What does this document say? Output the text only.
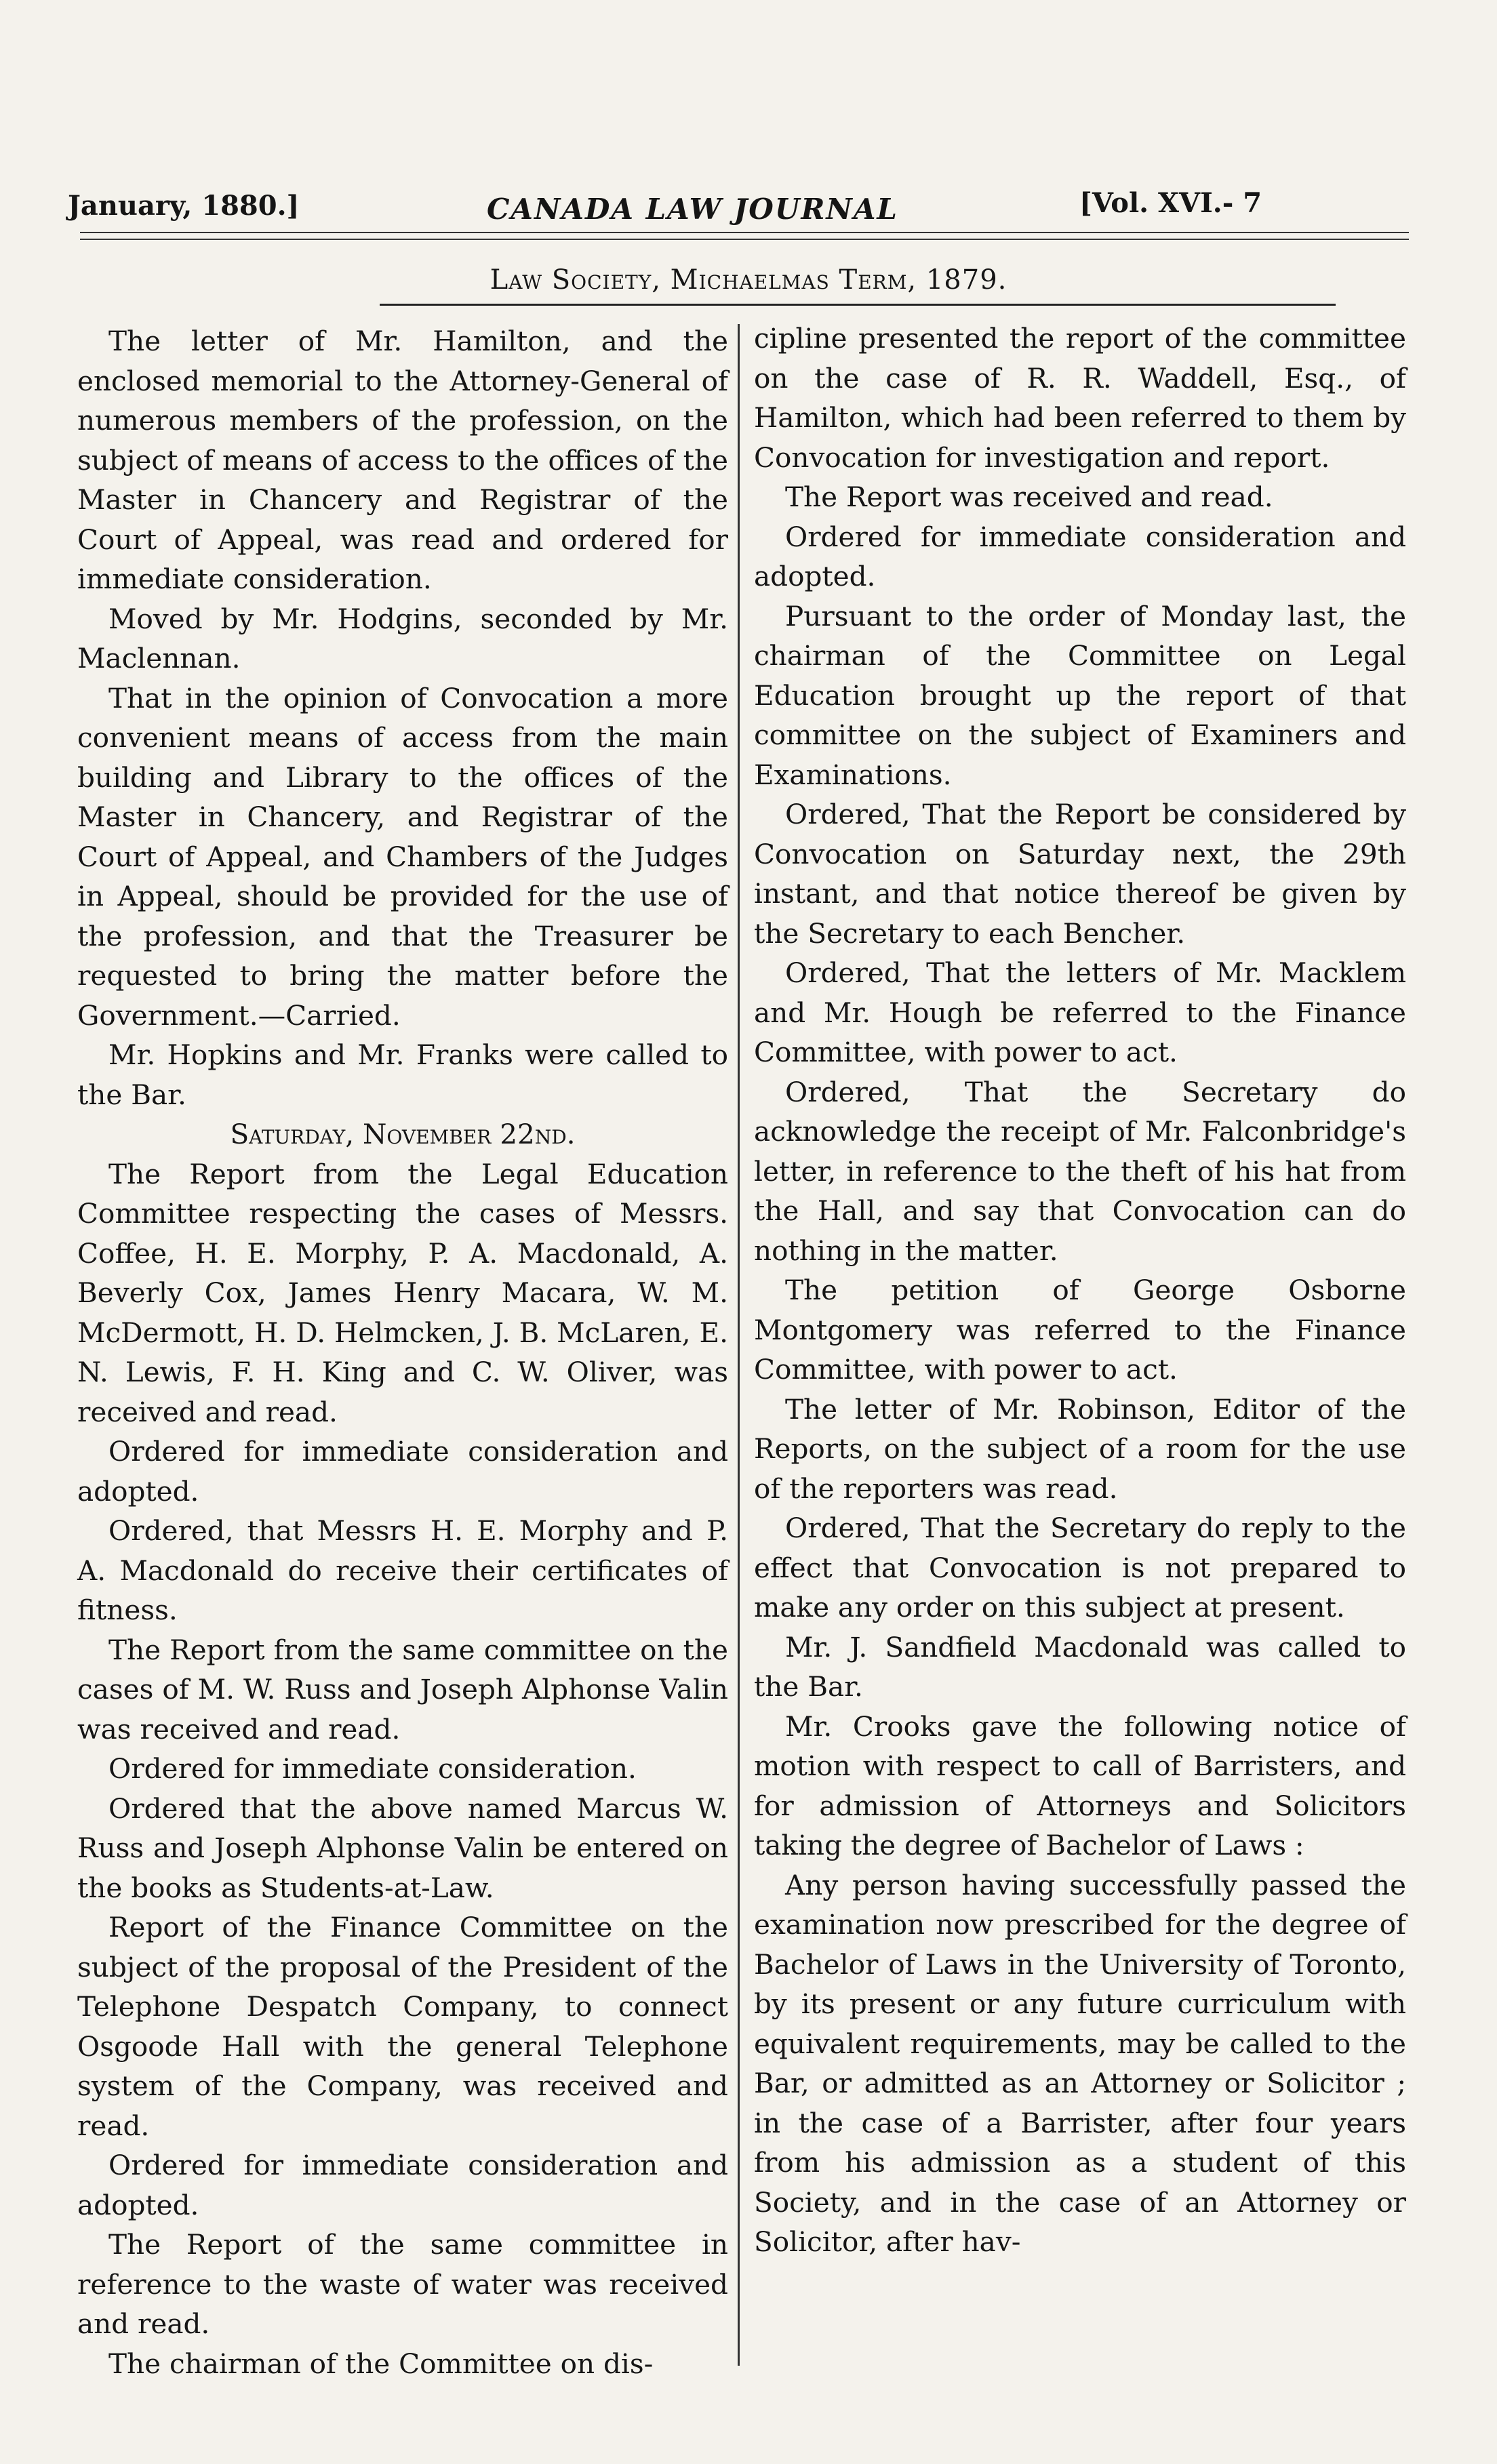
January, 1880.]	CANADA LAW JOURNAL	[Vol. XVI.- 7
Law Society, Michaelmas Term, 1879.

The letter of Mr. Hamilton, and the enclosed memorial to the Attorney-General of numerous members of the profession, on the subject of means of access to the offices of the Master in Chancery and Registrar of the Court of Appeal, was read and ordered for immediate consideration.

Moved by Mr. Hodgins, seconded by Mr. Maclennan.

That in the opinion of Convocation a more convenient means of access from the main building and Library to the offices of the Master in Chancery, and Registrar of the Court of Appeal, and Chambers of the Judges in Appeal, should be provided for the use of the profession, and that the Treasurer be requested to bring the matter before the Government.—Carried.

Mr. Hopkins and Mr. Franks were called to the Bar.

Saturday, November 22nd.

The Report from the Legal Education Committee respecting the cases of Messrs. Coffee, H. E. Morphy, P. A. Macdonald, A. Beverly Cox, James Henry Macara, W. M. McDermott, H. D. Helmcken, J. B. McLaren, E. N. Lewis, F. H. King and C. W. Oliver, was received and read.

Ordered for immediate consideration and adopted.

Ordered, that Messrs H. E. Morphy and P. A. Macdonald do receive their certificates of fitness.

The Report from the same committee on the cases of M. W. Russ and Joseph Alphonse Valin was received and read.

Ordered for immediate consideration.

Ordered that the above named Marcus W. Russ and Joseph Alphonse Valin be entered on the books as Students-at-Law.

Report of the Finance Committee on the subject of the proposal of the President of the Telephone Despatch Company, to connect Osgoode Hall with the general Telephone system of the Company, was received and read.

Ordered for immediate consideration and adopted.

The Report of the same committee in reference to the waste of water was received and read.

The chairman of the Committee on dis-

cipline presented the report of the committee on the case of R. R. Waddell, Esq., of Hamilton, which had been referred to them by Convocation for investigation and report.

The Report was received and read.

Ordered for immediate consideration and adopted.

Pursuant to the order of Monday last, the chairman of the Committee on Legal Education brought up the report of that committee on the subject of Examiners and Examinations.

Ordered, That the Report be considered by Convocation on Saturday next, the 29th instant, and that notice thereof be given by the Secretary to each Bencher.

Ordered, That the letters of Mr. Macklem and Mr. Hough be referred to the Finance Committee, with power to act.

Ordered, That the Secretary do acknowledge the receipt of Mr. Falconbridge's letter, in reference to the theft of his hat from the Hall, and say that Convocation can do nothing in the matter.

The petition of George Osborne Montgomery was referred to the Finance Committee, with power to act.

The letter of Mr. Robinson, Editor of the Reports, on the subject of a room for the use of the reporters was read.

Ordered, That the Secretary do reply to the effect that Convocation is not prepared to make any order on this subject at present.

Mr. J. Sandfield Macdonald was called to the Bar.

Mr. Crooks gave the following notice of motion with respect to call of Barristers, and for admission of Attorneys and Solicitors taking the degree of Bachelor of Laws :

Any person having successfully passed the examination now prescribed for the degree of Bachelor of Laws in the University of Toronto, by its present or any future curriculum with equivalent requirements, may be called to the Bar, or admitted as an Attorney or Solicitor ; in the case of a Barrister, after four years from his admission as a student of this Society, and in the case of an Attorney or Solicitor, after hav-
